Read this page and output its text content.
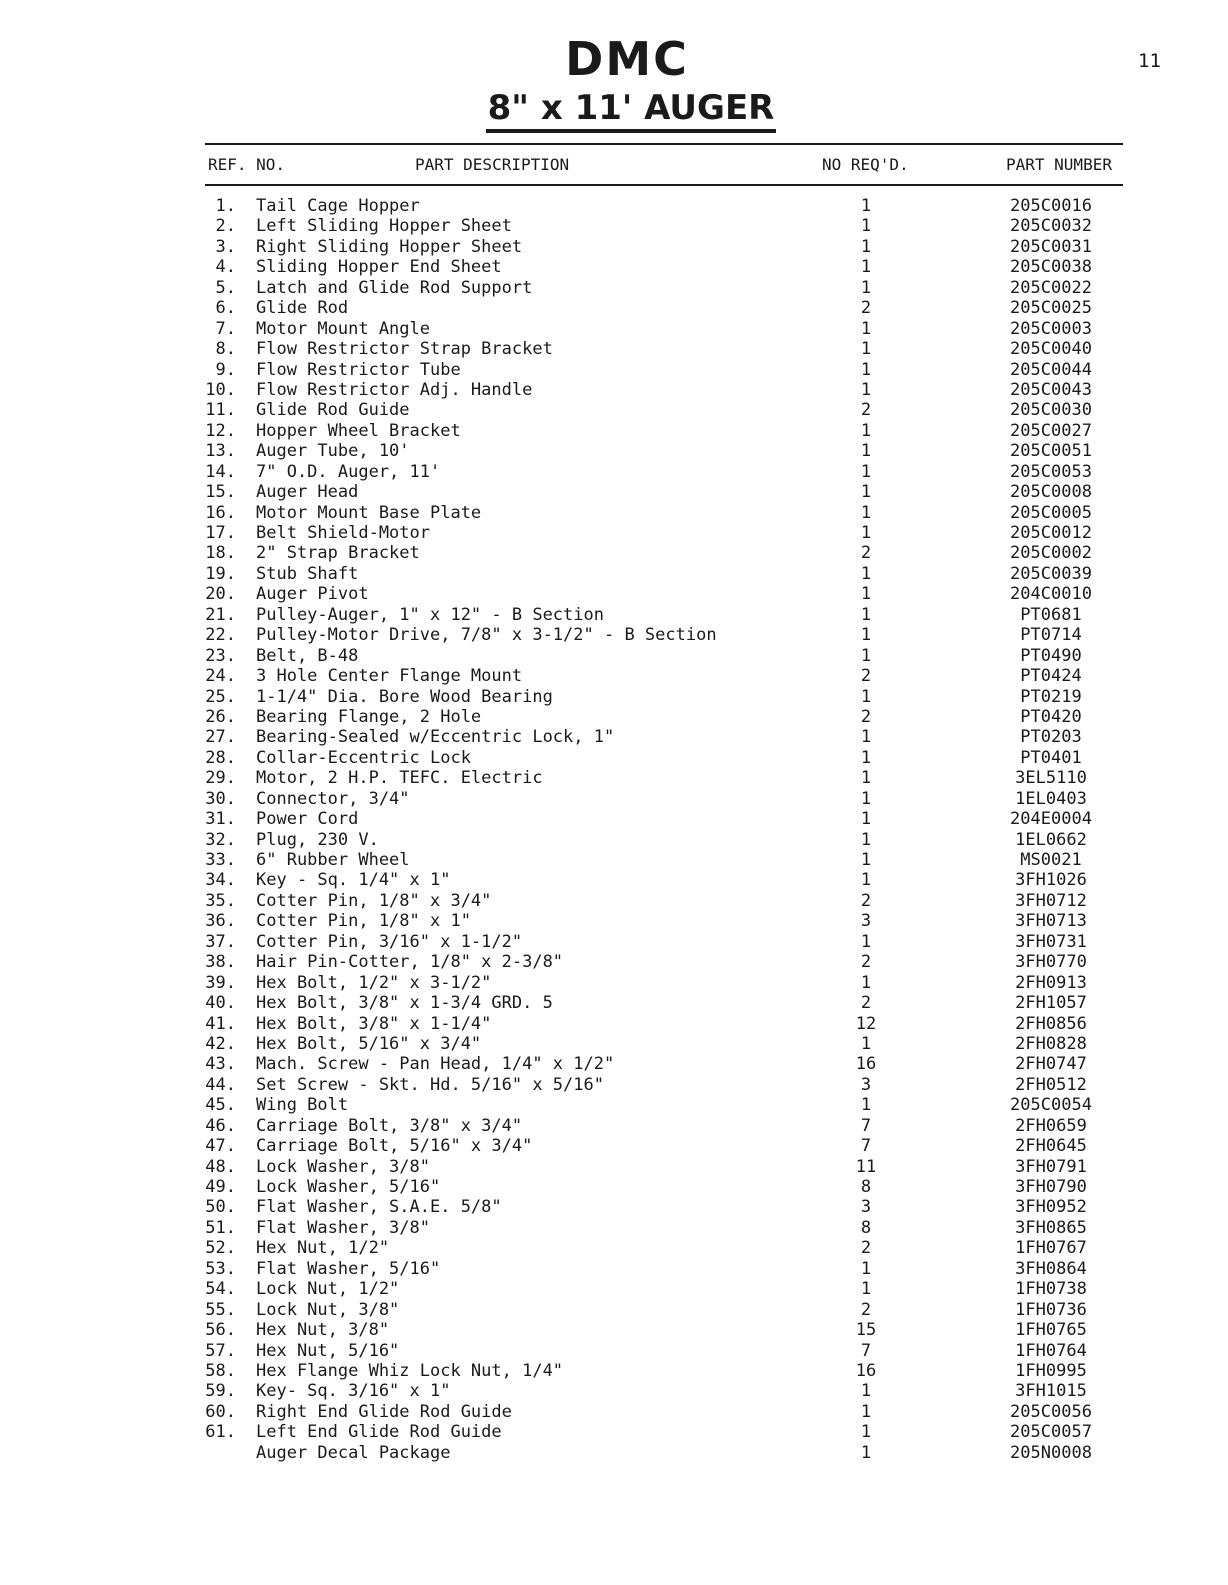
11
DMC
8" x 11' AUGER
REF. NO.	PART DESCRIPTION	NO REQ'D.	PART NUMBER
1. Tail Cage Hopper	1	205C0016
2. Left Sliding Hopper Sheet	1	205C0032
3. Right Sliding Hopper Sheet	1	205C0031
4. Sliding Hopper End Sheet	1	205C0038
5. Latch and Glide Rod Support	1	205C0022
6. Glide Rod	2	205C0025
7. Motor Mount Angle	1	205C0003
8. Flow Restrictor Strap Bracket	1	205C0040
9. Flow Restrictor Tube	1	205C0044
10. Flow Restrictor Adj. Handle	1	205C0043
11. Glide Rod Guide	2	205C0030
12. Hopper Wheel Bracket	1	205C0027
13. Auger Tube, 10'	1	205C0051
14. 7" O.D. Auger, 11'	1	205C0053
15. Auger Head	1	205C0008
16. Motor Mount Base Plate	1	205C0005
17. Belt Shield-Motor	1	205C0012
18. 2" Strap Bracket	2	205C0002
19. Stub Shaft	1	205C0039
20. Auger Pivot	1	204C0010
21. Pulley-Auger, 1" x 12" - B Section	1	PT0681
22. Pulley-Motor Drive, 7/8" x 3-1/2" - B Section	1	PT0714
23. Belt, B-48	1	PT0490
24. 3 Hole Center Flange Mount	2	PT0424
25. 1-1/4" Dia. Bore Wood Bearing	1	PT0219
26. Bearing Flange, 2 Hole	2	PT0420
27. Bearing-Sealed w/Eccentric Lock, 1"	1	PT0203
28. Collar-Eccentric Lock	1	PT0401
29. Motor, 2 H.P. TEFC. Electric	1	3EL5110
30. Connector, 3/4"	1	1EL0403
31. Power Cord	1	204E0004
32. Plug, 230 V.	1	1EL0662
33. 6" Rubber Wheel	1	MS0021
34. Key - Sq. 1/4" x 1"	1	3FH1026
35. Cotter Pin, 1/8" x 3/4"	2	3FH0712
36. Cotter Pin, 1/8" x 1"	3	3FH0713
37. Cotter Pin, 3/16" x 1-1/2"	1	3FH0731
38. Hair Pin-Cotter, 1/8" x 2-3/8"	2	3FH0770
39. Hex Bolt, 1/2" x 3-1/2"	1	2FH0913
40. Hex Bolt, 3/8" x 1-3/4 GRD. 5	2	2FH1057
41. Hex Bolt, 3/8" x 1-1/4"	12	2FH0856
42. Hex Bolt, 5/16" x 3/4"	1	2FH0828
43. Mach. Screw - Pan Head, 1/4" x 1/2"	16	2FH0747
44. Set Screw - Skt. Hd. 5/16" x 5/16"	3	2FH0512
45. Wing Bolt	1	205C0054
46. Carriage Bolt, 3/8" x 3/4"	7	2FH0659
47. Carriage Bolt, 5/16" x 3/4"	7	2FH0645
48. Lock Washer, 3/8"	11	3FH0791
49. Lock Washer, 5/16"	8	3FH0790
50. Flat Washer, S.A.E. 5/8"	3	3FH0952
51. Flat Washer, 3/8"	8	3FH0865
52. Hex Nut, 1/2"	2	1FH0767
53. Flat Washer, 5/16"	1	3FH0864
54. Lock Nut, 1/2"	1	1FH0738
55. Lock Nut, 3/8"	2	1FH0736
56. Hex Nut, 3/8"	15	1FH0765
57. Hex Nut, 5/16"	7	1FH0764
58. Hex Flange Whiz Lock Nut, 1/4"	16	1FH0995
59. Key- Sq. 3/16" x 1"	1	3FH1015
60. Right End Glide Rod Guide	1	205C0056
61. Left End Glide Rod Guide	1	205C0057
Auger Decal Package	1	205N0008
